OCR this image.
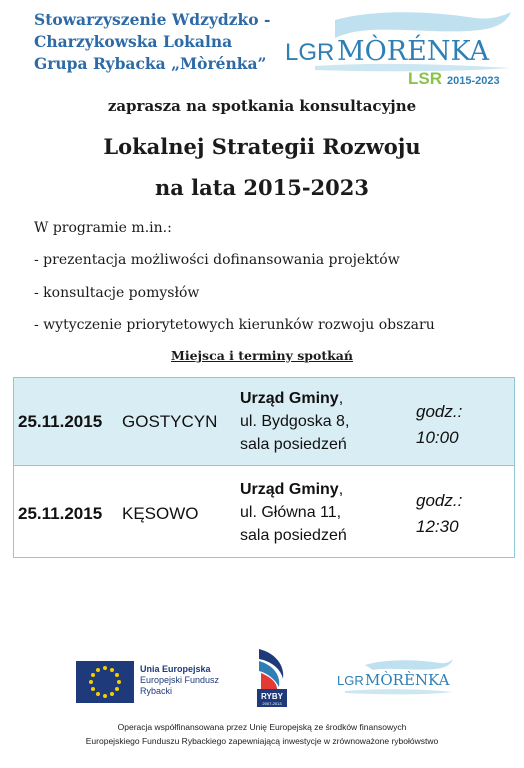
Stowarzyszenie Wdzydzko -
Charzykowska Lokalna
Grupa Rybacka „Mòrénka” LGR MÒRÉNKA
LSR 2015-2023
zaprasza na spotkania konsultacyjne
Lokalnej Strategii Rozwoju
na lata 2015-2023
W programie m.in.:
- prezentacja możliwości dofinansowania projektów
- konsultacje pomysłów
- wytyczenie priorytetowych kierunków rozwoju obszaru
Miejsca i terminy spotkań
25.11.2015 GOSTYCYN
Urząd Gminy,
ul. Bydgoska 8,
sala posiedzeń
godz.:
10:00
25.11.2015 KĘSOWO
Urząd Gminy,
ul. Główna 11,
sala posiedzeń
godz.:
12:30
Unia Europejska
Europejski Fundusz
Rybacki
RYBY
2007-2013
LGR MÒRÈNKA
Operacja współfinansowana przez Unię Europejską ze środków finansowych
Europejskiego Funduszu Rybackiego zapewniającą inwestycje w zrównoważone rybołówstwo
